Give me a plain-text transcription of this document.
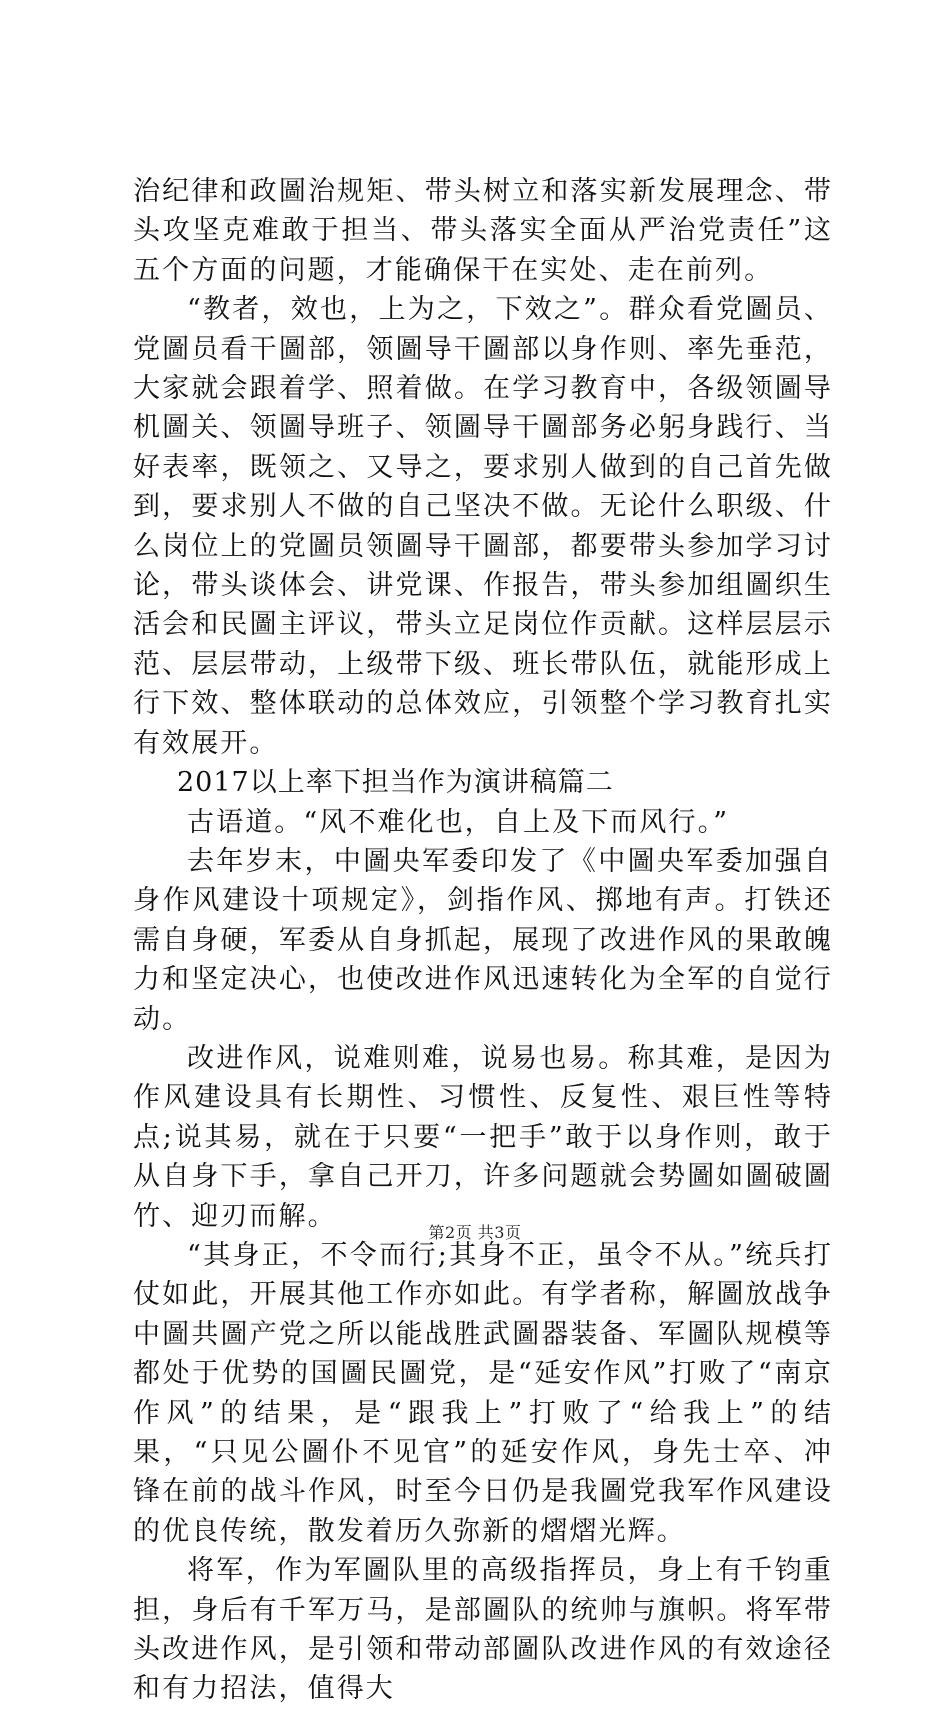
治纪律和政圖治规矩、带头树立和落实新发展理念、带头攻坚克难敢于担当、带头落实全面从严治党责任”这五个方面的问题，才能确保干在实处、走在前列。

“教者，效也，上为之，下效之”。群众看党圖员、党圖员看干圖部，领圖导干圖部以身作则、率先垂范，大家就会跟着学、照着做。在学习教育中，各级领圖导机圖关、领圖导班子、领圖导干圖部务必躬身践行、当好表率，既领之、又导之，要求别人做到的自己首先做到，要求别人不做的自己坚决不做。无论什么职级、什么岗位上的党圖员领圖导干圖部，都要带头参加学习讨论，带头谈体会、讲党课、作报告，带头参加组圖织生活会和民圖主评议，带头立足岗位作贡献。这样层层示范、层层带动，上级带下级、班长带队伍，就能形成上行下效、整体联动的总体效应，引领整个学习教育扎实有效展开。

2017以上率下担当作为演讲稿篇二

古语道。“风不难化也，自上及下而风行。”

去年岁末，中圖央军委印发了《中圖央军委加强自身作风建设十项规定》，剑指作风、掷地有声。打铁还需自身硬，军委从自身抓起，展现了改进作风的果敢魄力和坚定决心，也使改进作风迅速转化为全军的自觉行动。

改进作风，说难则难，说易也易。称其难，是因为作风建设具有长期性、习惯性、反复性、艰巨性等特点;说其易，就在于只要“一把手”敢于以身作则，敢于从自身下手，拿自己开刀，许多问题就会势圖如圖破圖竹、迎刃而解。

“其身正，不令而行;其身不正，虽令不从。”统兵打仗如此，开展其他工作亦如此。有学者称，解圖放战争中圖共圖产党之所以能战胜武圖器装备、军圖队规模等都处于优势的国圖民圖党，是“延安作风”打败了“南京作风”的结果，是“跟我上”打败了“给我上”的结果，“只见公圖仆不见官”的延安作风，身先士卒、冲锋在前的战斗作风，时至今日仍是我圖党我军作风建设的优良传统，散发着历久弥新的熠熠光辉。

将军，作为军圖队里的高级指挥员，身上有千钧重担，身后有千军万马，是部圖队的统帅与旗帜。将军带头改进作风，是引领和带动部圖队改进作风的有效途径和有力招法，值得大

第2页 共3页
